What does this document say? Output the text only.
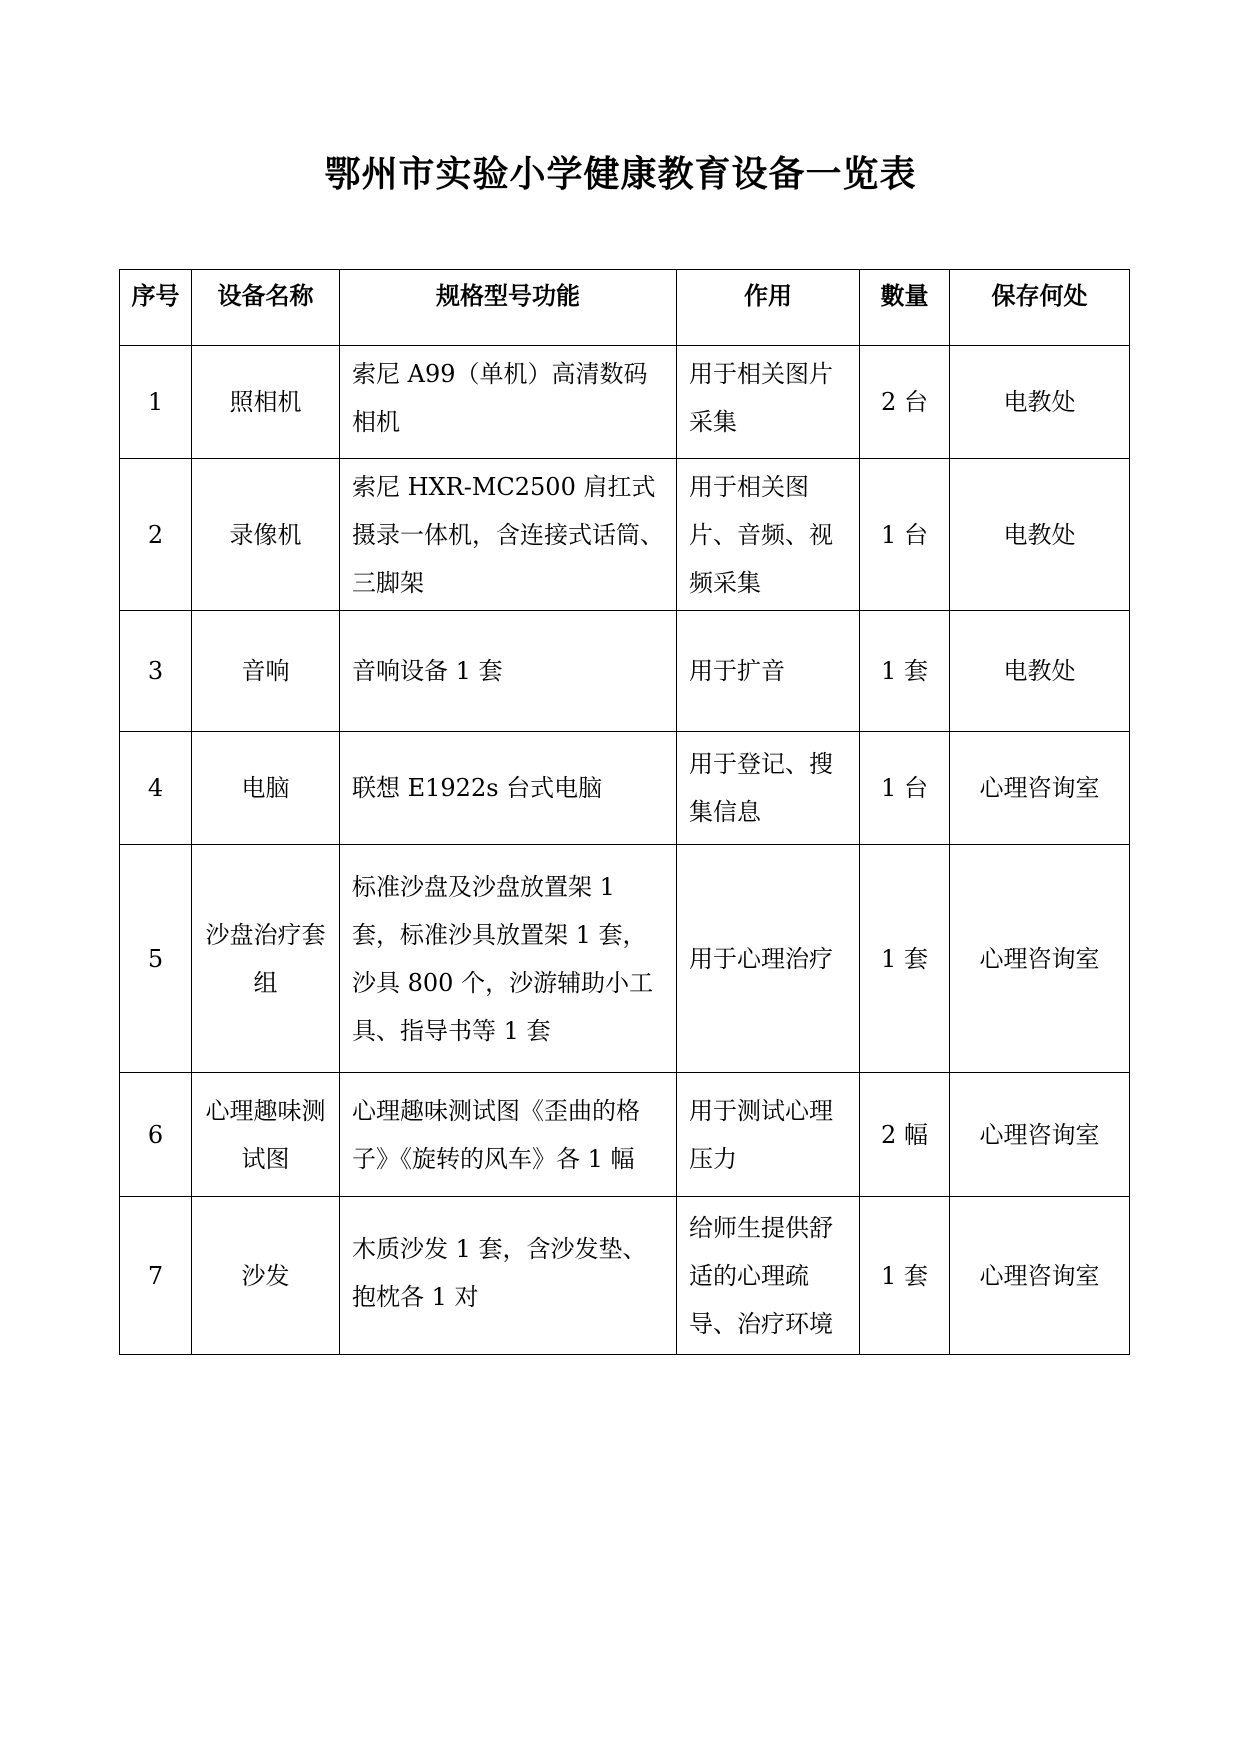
鄂州市实验小学健康教育设备一览表
序号	设备名称	规格型号功能	作用	數量	保存何处
1	照相机	索尼 A99（单机）高清数码相机	用于相关图片采集	2 台	电教处
2	录像机	索尼 HXR-MC2500 肩扛式摄录一体机，含连接式话筒、三脚架	用于相关图片、音频、视频采集	1 台	电教处
3	音响	音响设备 1 套	用于扩音	1 套	电教处
4	电脑	联想 E1922s 台式电脑	用于登记、搜集信息	1 台	心理咨询室
5	沙盘治疗套组	标准沙盘及沙盘放置架 1 套，标准沙具放置架 1 套，沙具 800 个，沙游辅助小工具、指导书等 1 套	用于心理治疗	1 套	心理咨询室
6	心理趣味测试图	心理趣味测试图《歪曲的格子》《旋转的风车》各 1 幅	用于测试心理压力	2 幅	心理咨询室
7	沙发	木质沙发 1 套，含沙发垫、抱枕各 1 对	给师生提供舒适的心理疏导、治疗环境	1 套	心理咨询室
